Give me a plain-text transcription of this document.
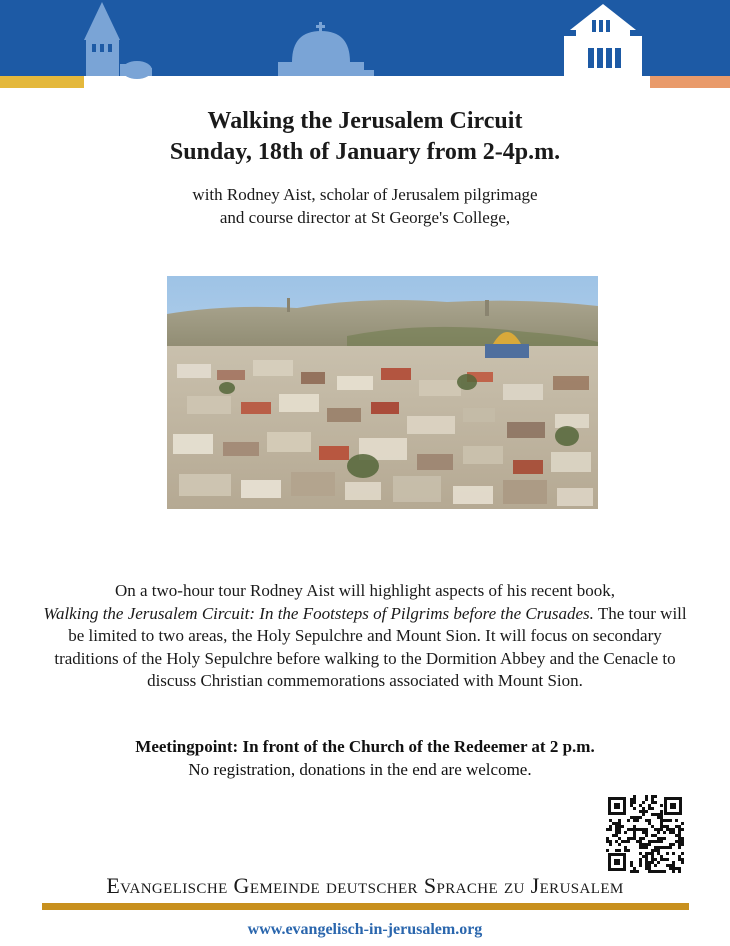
Walking the Jerusalem Circuit
Sunday, 18th of January from 2-4p.m.
with Rodney Aist, scholar of Jerusalem pilgrimage
and course director at St George's College,
On a two-hour tour Rodney Aist will highlight aspects of his recent book,
Walking the Jerusalem Circuit: In the Footsteps of Pilgrims before the Crusades. The tour will be limited to two areas, the Holy Sepulchre and Mount Sion. It will focus on secondary traditions of the Holy Sepulchre before walking to the Dormition Abbey and the Cenacle to discuss Christian commemorations associated with Mount Sion.
Meetingpoint: In front of the Church of the Redeemer at 2 p.m.
No registration, donations in the end are welcome.
Evangelische Gemeinde deutscher Sprache zu Jerusalem
www.evangelisch-in-jerusalem.org
